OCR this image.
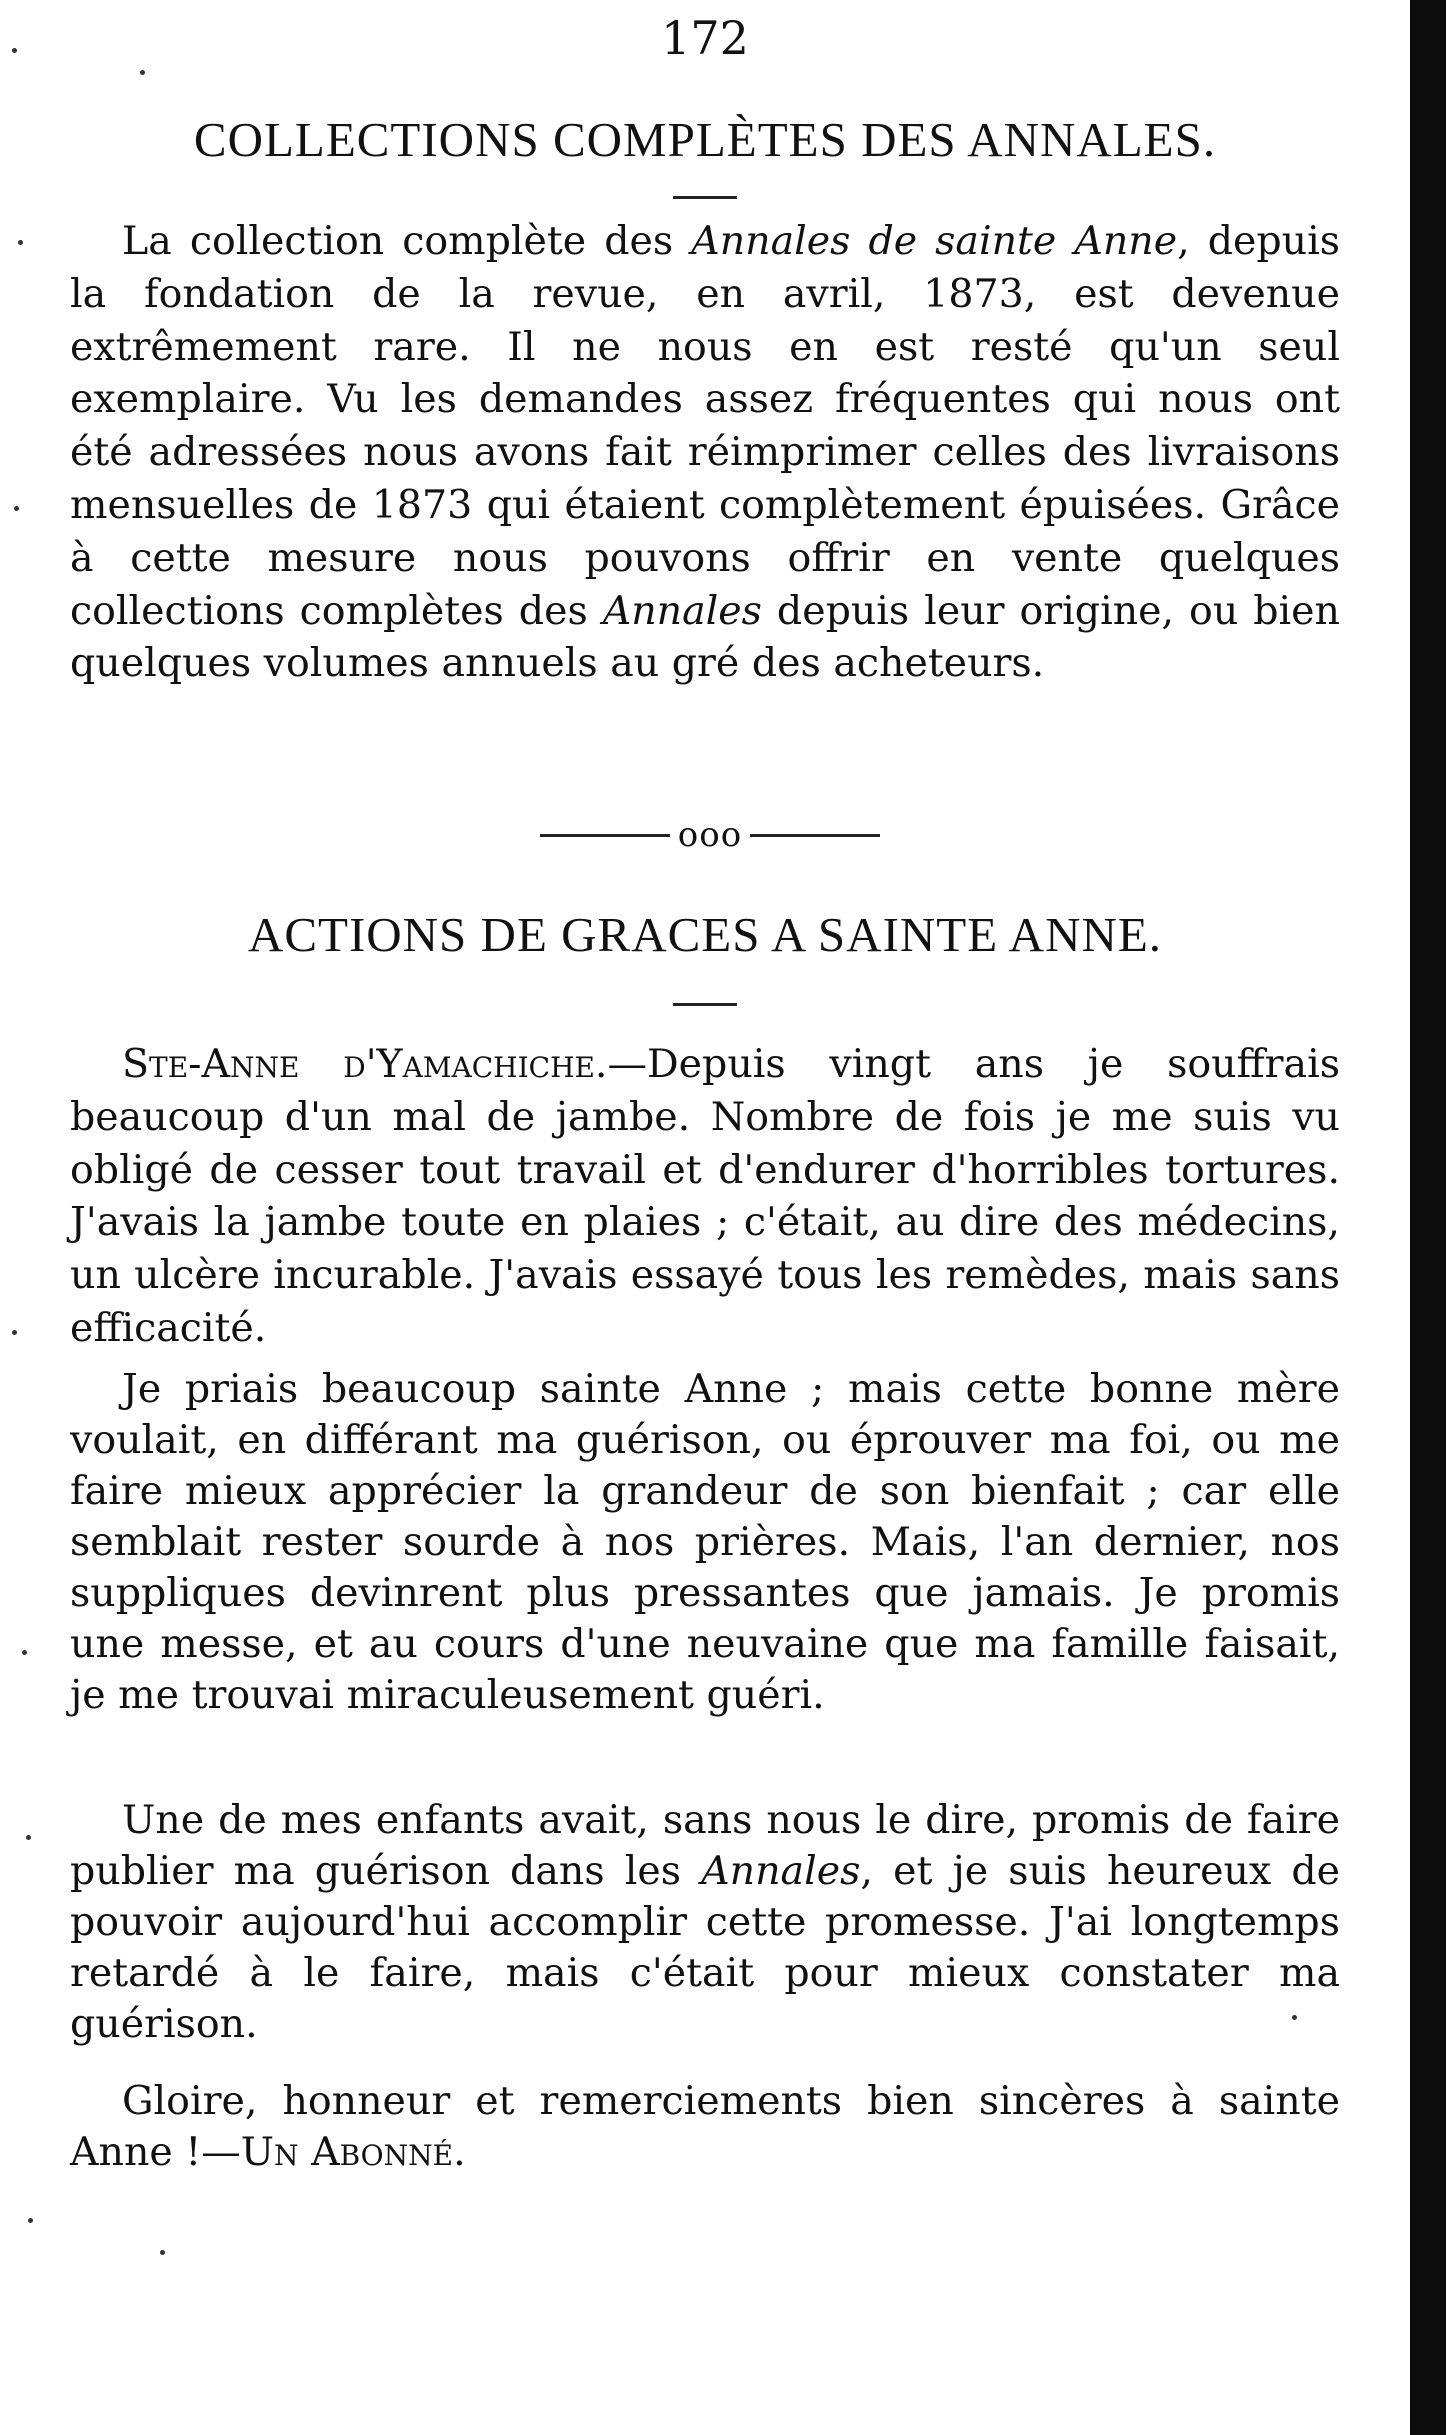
172
COLLECTIONS COMPLÈTES DES ANNALES.

La collection complète des Annales de sainte Anne, depuis la fondation de la revue, en avril, 1873, est devenue extrêmement rare. Il ne nous en est resté qu'un seul exemplaire. Vu les demandes assez fréquentes qui nous ont été adressées nous avons fait réimprimer celles des livraisons mensuelles de 1873 qui étaient complètement épuisées. Grâce à cette mesure nous pouvons offrir en vente quelques collections complètes des Annales depuis leur origine, ou bien quelques volumes annuels au gré des acheteurs.

ooo
ACTIONS DE GRACES A SAINTE ANNE.

Ste-Anne d'Yamachiche.—Depuis vingt ans je souffrais beaucoup d'un mal de jambe. Nombre de fois je me suis vu obligé de cesser tout travail et d'endurer d'horribles tortures. J'avais la jambe toute en plaies ; c'était, au dire des médecins, un ulcère incurable. J'avais essayé tous les remèdes, mais sans efficacité.

Je priais beaucoup sainte Anne ; mais cette bonne mère voulait, en différant ma guérison, ou éprouver ma foi, ou me faire mieux apprécier la grandeur de son bienfait ; car elle semblait rester sourde à nos prières. Mais, l'an dernier, nos suppliques devinrent plus pressantes que jamais. Je promis une messe, et au cours d'une neuvaine que ma famille faisait, je me trouvai miraculeusement guéri.

Une de mes enfants avait, sans nous le dire, promis de faire publier ma guérison dans les Annales, et je suis heureux de pouvoir aujourd'hui accomplir cette promesse. J'ai longtemps retardé à le faire, mais c'était pour mieux constater ma guérison.

Gloire, honneur et remerciements bien sincères à sainte Anne !—Un Abonné.
